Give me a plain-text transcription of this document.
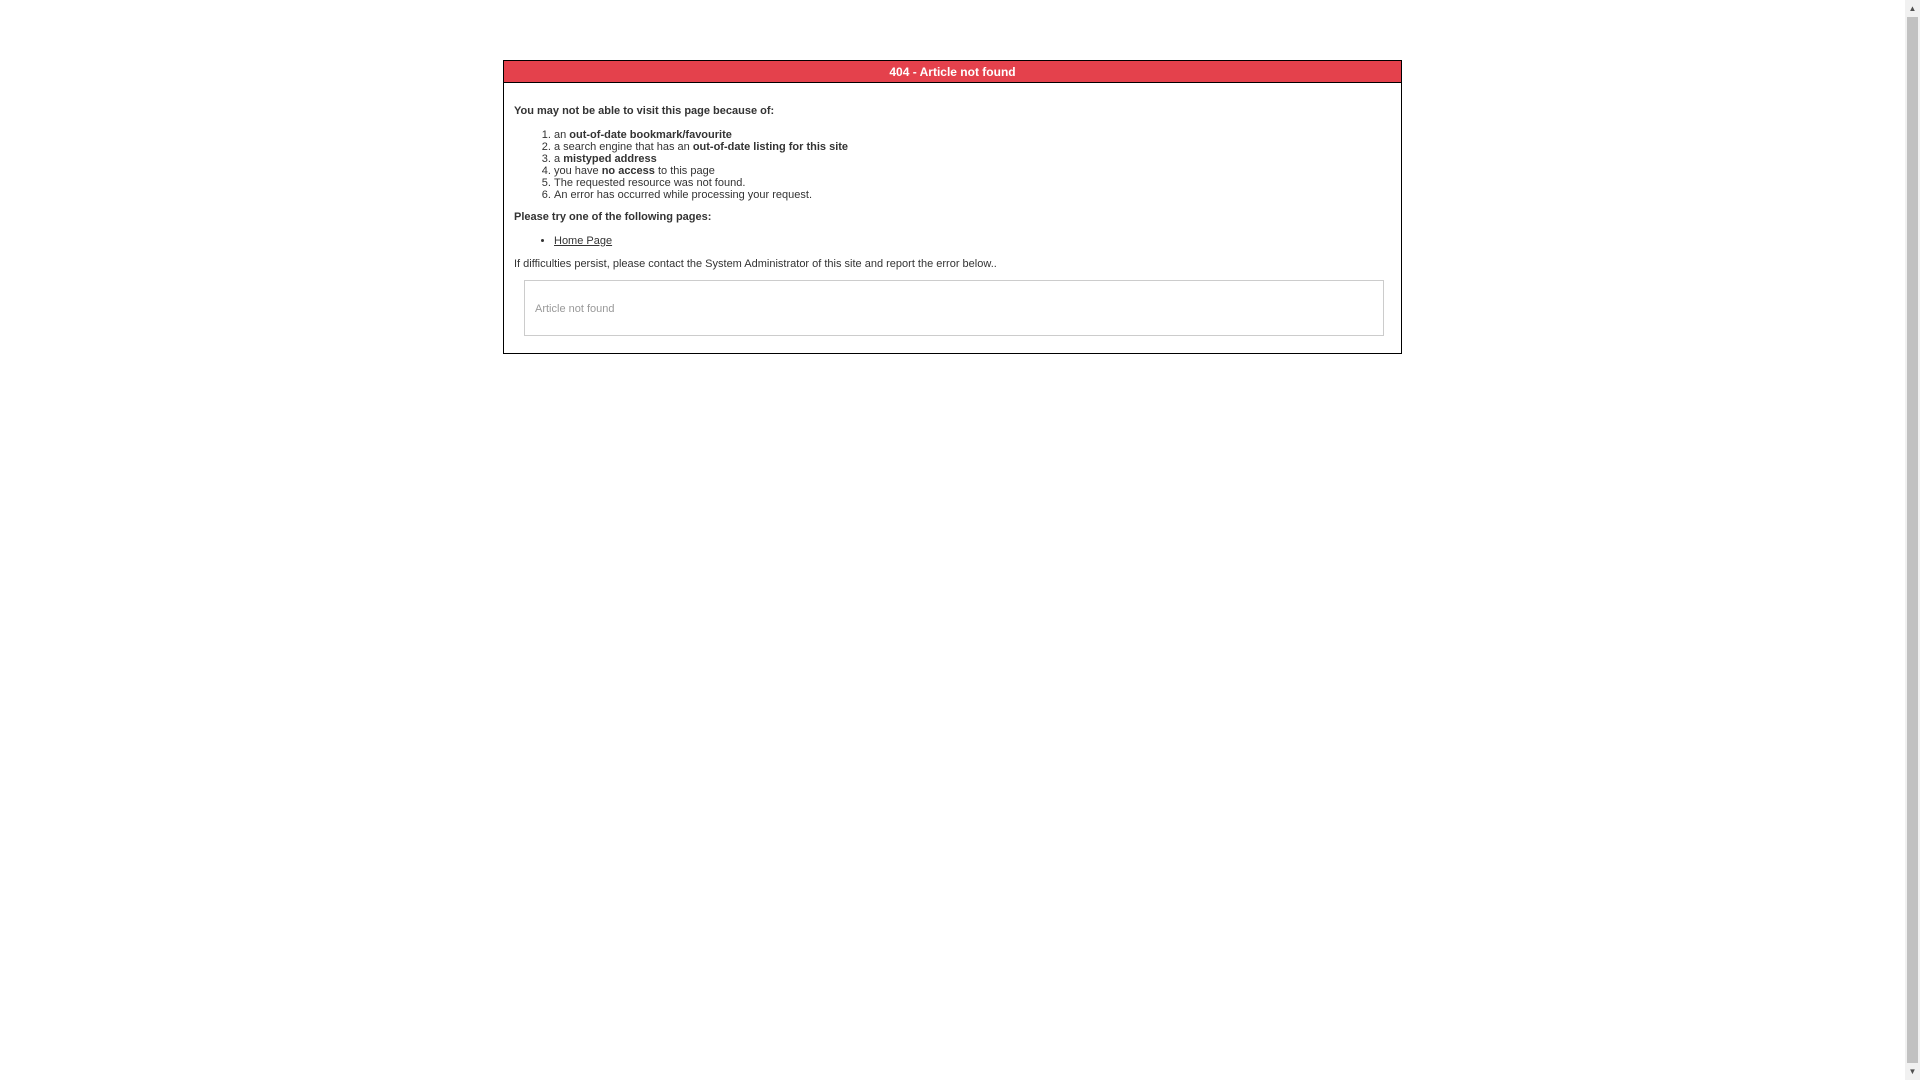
404 - Article not found

You may not be able to visit this page because of:

1. an out-of-date bookmark/favourite
2. a search engine that has an out-of-date listing for this site
3. a mistyped address
4. you have no access to this page
5. The requested resource was not found.
6. An error has occurred while processing your request.

Please try one of the following pages:

• Home Page

If difficulties persist, please contact the System Administrator of this site and report the error below..

Article not found

▲
▼
